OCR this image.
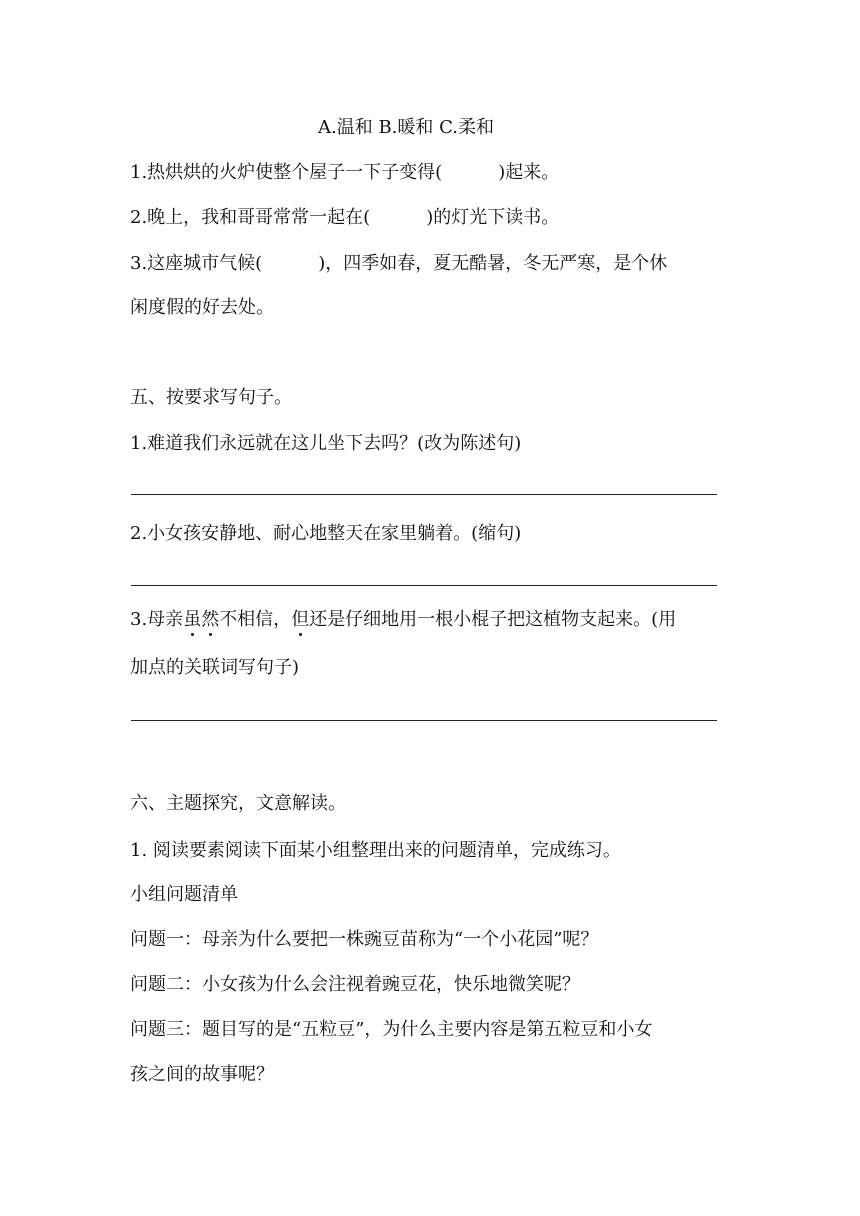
A.温和 B.暖和 C.柔和
1.热烘烘的火炉使整个屋子一下子变得(	)起来。
2.晚上，我和哥哥常常一起在(	)的灯光下读书。
3.这座城市气候(	)，四季如春，夏无酷暑，冬无严寒，是个休
闲度假的好去处。
五、按要求写句子。
1.难道我们永远就在这儿坐下去吗？(改为陈述句)
2.小女孩安静地、耐心地整天在家里躺着。(缩句)
3.母亲虽然不相信，但还是仔细地用一根小棍子把这植物支起来。(用
加点的关联词写句子)
六、主题探究，文意解读。
1. 阅读要素阅读下面某小组整理出来的问题清单，完成练习。
小组问题清单
问题一：母亲为什么要把一株豌豆苗称为“一个小花园”呢？
问题二：小女孩为什么会注视着豌豆花，快乐地微笑呢？
问题三：题目写的是“五粒豆”，为什么主要内容是第五粒豆和小女
孩之间的故事呢？
